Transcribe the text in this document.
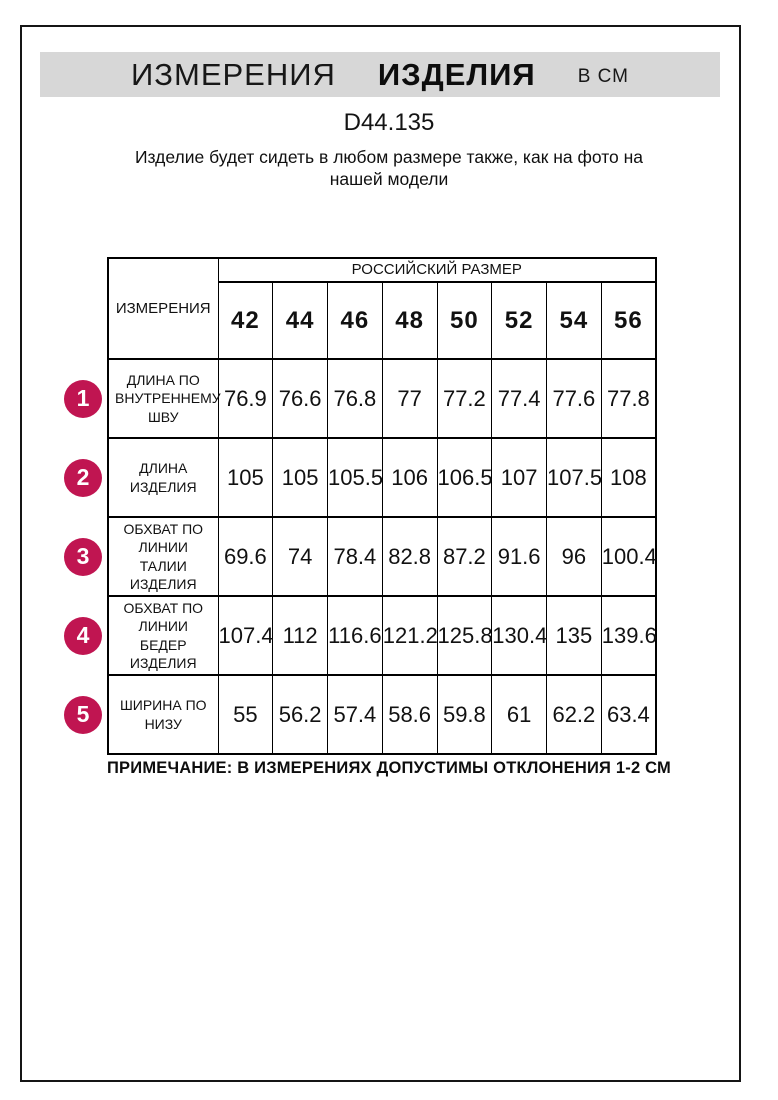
ИЗМЕРЕНИЯ ИЗДЕЛИЯ В СМ
D44.135
Изделие будет сидеть в любом размере также, как на фото на нашей модели
ИЗМЕРЕНИЯ	РОССИЙСКИЙ РАЗМЕР							
	42	44	46	48	50	52	54	56

1
ДЛИНА ПО ВНУТРЕННЕМУ ШВУ	76.9	76.6	76.8	77	77.2	77.4	77.6	77.8

2 ДЛИНА ИЗДЕЛИЯ	105	105	105.5	106	106.5	107	107.5	108

3
ОБХВАТ ПО ЛИНИИ ТАЛИИ ИЗДЕЛИЯ	69.6	74	78.4	82.8	87.2	91.6	96	100.4

4
ОБХВАТ ПО ЛИНИИ БЕДЕР ИЗДЕЛИЯ	107.4	112	116.6	121.2	125.8	130.4	135	139.6

5 ШИРИНА ПО НИЗУ	55	56.2	57.4	58.6	59.8	61	62.2	63.4
ПРИМЕЧАНИЕ: В ИЗМЕРЕНИЯХ ДОПУСТИМЫ ОТКЛОНЕНИЯ 1-2 СМ
